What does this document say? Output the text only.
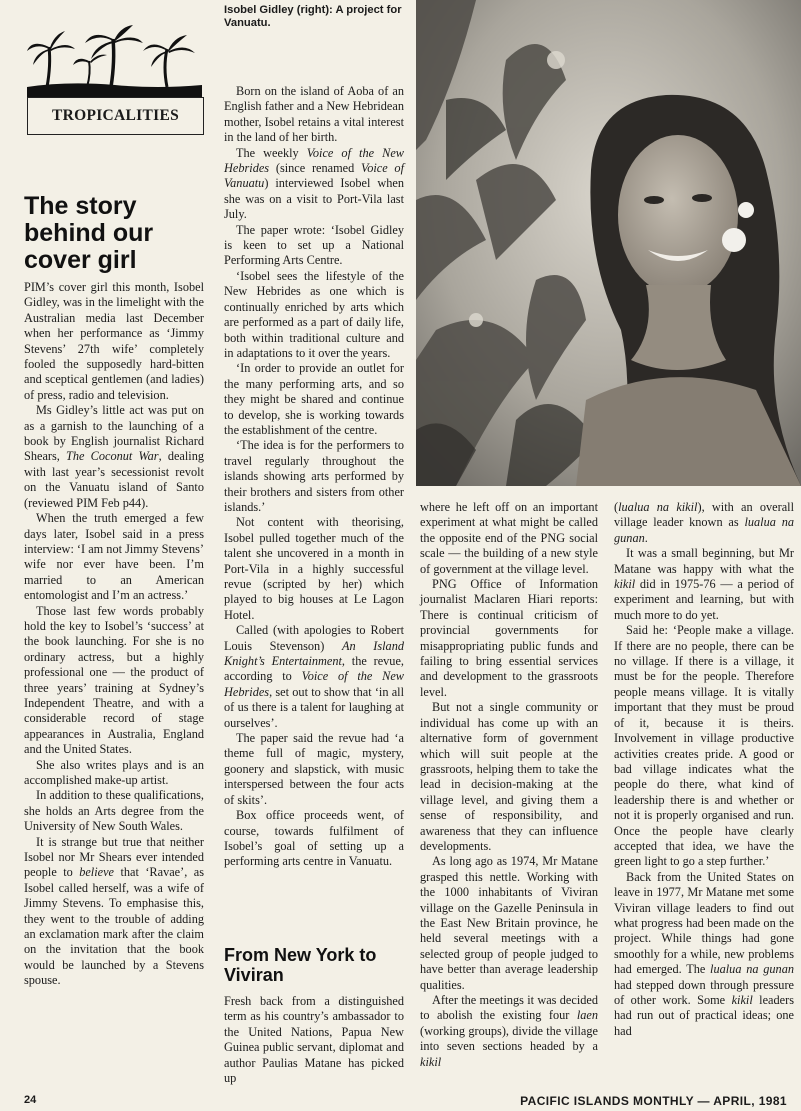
TROPICALITIES
Isobel Gidley (right): A project for Vanuatu.
The story behind our cover girl

PIM’s cover girl this month, Isobel Gidley, was in the limelight with the Australian media last December when her performance as ‘Jimmy Stevens’ 27th wife’ completely fooled the supposedly hard-bitten and sceptical gentlemen (and ladies) of press, radio and television.

Ms Gidley’s little act was put on as a garnish to the launching of a book by English journalist Richard Shears, The Coconut War, dealing with last year’s secessionist revolt on the Vanuatu island of Santo (reviewed PIM Feb p44).

When the truth emerged a few days later, Isobel said in a press interview: ‘I am not Jimmy Stevens’ wife nor ever have been. I’m married to an American entomologist and I’m an actress.’

Those last few words probably hold the key to Isobel’s ‘success’ at the book launching. For she is no ordinary actress, but a highly professional one — the product of three years’ training at Sydney’s Independent Theatre, and with a considerable record of stage appearances in Australia, England and the United States.

She also writes plays and is an accomplished make-up artist.

In addition to these qualifications, she holds an Arts degree from the University of New South Wales.

It is strange but true that neither Isobel nor Mr Shears ever intended people to believe that ‘Ravae’, as Isobel called herself, was a wife of Jimmy Stevens. To emphasise this, they went to the trouble of adding an exclamation mark after the claim on the invitation that the book would be launched by a Stevens spouse.

Born on the island of Aoba of an English father and a New Hebridean mother, Isobel retains a vital interest in the land of her birth.

The weekly Voice of the New Hebrides (since renamed Voice of Vanuatu) interviewed Isobel when she was on a visit to Port-Vila last July.

The paper wrote: ‘Isobel Gidley is keen to set up a National Performing Arts Centre.

‘Isobel sees the lifestyle of the New Hebrides as one which is continually enriched by arts which are performed as a part of daily life, both within traditional culture and in adaptations to it over the years.

‘In order to provide an outlet for the many performing arts, and so they might be shared and continue to develop, she is working towards the establishment of the centre.

‘The idea is for the performers to travel regularly throughout the islands showing arts performed by their brothers and sisters from other islands.’

Not content with theorising, Isobel pulled together much of the talent she uncovered in a month in Port-Vila in a highly successful revue (scripted by her) which played to big houses at Le Lagon Hotel.

Called (with apologies to Robert Louis Stevenson) An Island Knight’s Entertainment, the revue, according to Voice of the New Hebrides, set out to show that ‘in all of us there is a talent for laughing at ourselves’.

The paper said the revue had ‘a theme full of magic, mystery, goonery and slapstick, with music interspersed between the four acts of skits’.

Box office proceeds went, of course, towards fulfilment of Isobel’s goal of setting up a performing arts centre in Vanuatu.

From New York to Viviran

Fresh back from a distinguished term as his country’s ambassador to the United Nations, Papua New Guinea public servant, diplomat and author Paulias Matane has picked up

where he left off on an important experiment at what might be called the opposite end of the PNG social scale — the building of a new style of government at the village level.

PNG Office of Information journalist Maclaren Hiari reports: There is continual criticism of provincial governments for misappropriating public funds and failing to bring essential services and development to the grassroots level.

But not a single community or individual has come up with an alternative form of government which will suit people at the grassroots, helping them to take the lead in decision-making at the village level, and giving them a sense of responsibility, and awareness that they can influence developments.

As long ago as 1974, Mr Matane grasped this nettle. Working with the 1000 inhabitants of Viviran village on the Gazelle Peninsula in the East New Britain province, he held several meetings with a selected group of people judged to have better than average leadership qualities.

After the meetings it was decided to abolish the existing four laen (working groups), divide the village into seven sections headed by a kikil

(lualua na kikil), with an overall village leader known as lualua na gunan.

It was a small beginning, but Mr Matane was happy with what the kikil did in 1975-76 — a period of experiment and learning, but with much more to do yet.

Said he: ‘People make a village. If there are no people, there can be no village. If there is a village, it must be for the people. Therefore people means village. It is vitally important that they must be proud of it, because it is theirs. Involvement in village productive activities creates pride. A good or bad village indicates what the people do there, what kind of leadership there is and whether or not it is properly organised and run. Once the people have clearly accepted that idea, we have the green light to go a step further.’

Back from the United States on leave in 1977, Mr Matane met some Viviran village leaders to find out what progress had been made on the project. While things had gone smoothly for a while, new problems had emerged. The lualua na gunan had stepped down through pressure of other work. Some kikil leaders had run out of practical ideas; one had

24	PACIFIC ISLANDS MONTHLY — APRIL, 1981
